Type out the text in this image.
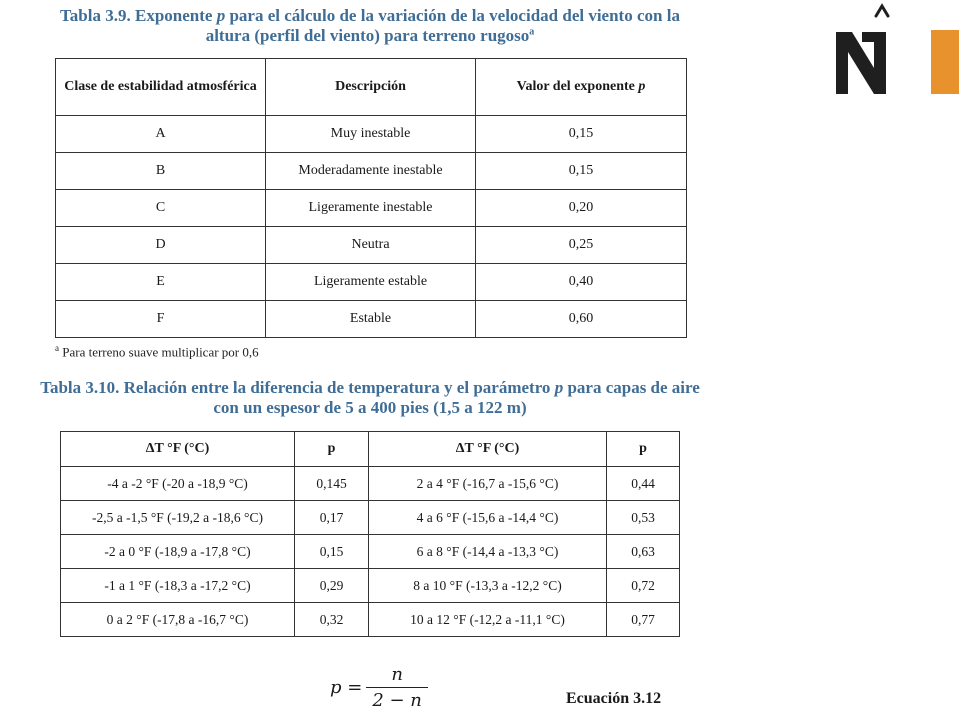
Tabla 3.9. Exponente p para el cálculo de la variación de la velocidad del viento con la altura (perfil del viento) para terreno rugoso$^a$
Clase de estabilidad atmosférica	Descripción	Valor del exponente p
A	Muy inestable	0,15
B	Moderadamente inestable	0,15
C	Ligeramente inestable	0,20
D	Neutra	0,25
E	Ligeramente estable	0,40
F	Estable	0,60
$^a$ Para terreno suave multiplicar por 0,6
Tabla 3.10. Relación entre la diferencia de temperatura y el parámetro p para capas de aire con un espesor de 5 a 400 pies (1,5 a 122 m)
ΔT °F (°C)	p	ΔT °F (°C)	p
-4 a -2 °F (-20 a -18,9 °C)	0,145	2 a 4 °F (-16,7 a -15,6 °C)	0,44
-2,5 a -1,5 °F (-19,2 a -18,6 °C)	0,17	4 a 6 °F (-15,6 a -14,4 °C)	0,53
-2 a 0 °F (-18,9 a -17,8 °C)	0,15	6 a 8 °F (-14,4 a -13,3 °C)	0,63
-1 a 1 °F (-18,3 a -17,2 °C)	0,29	8 a 10 °F (-13,3 a -12,2 °C)	0,72
0 a 2 °F (-17,8 a -16,7 °C)	0,32	10 a 12 °F (-12,2 a -11,1 °C)	0,77
$p = \frac{n}{2 - n}$	Ecuación 3.12
